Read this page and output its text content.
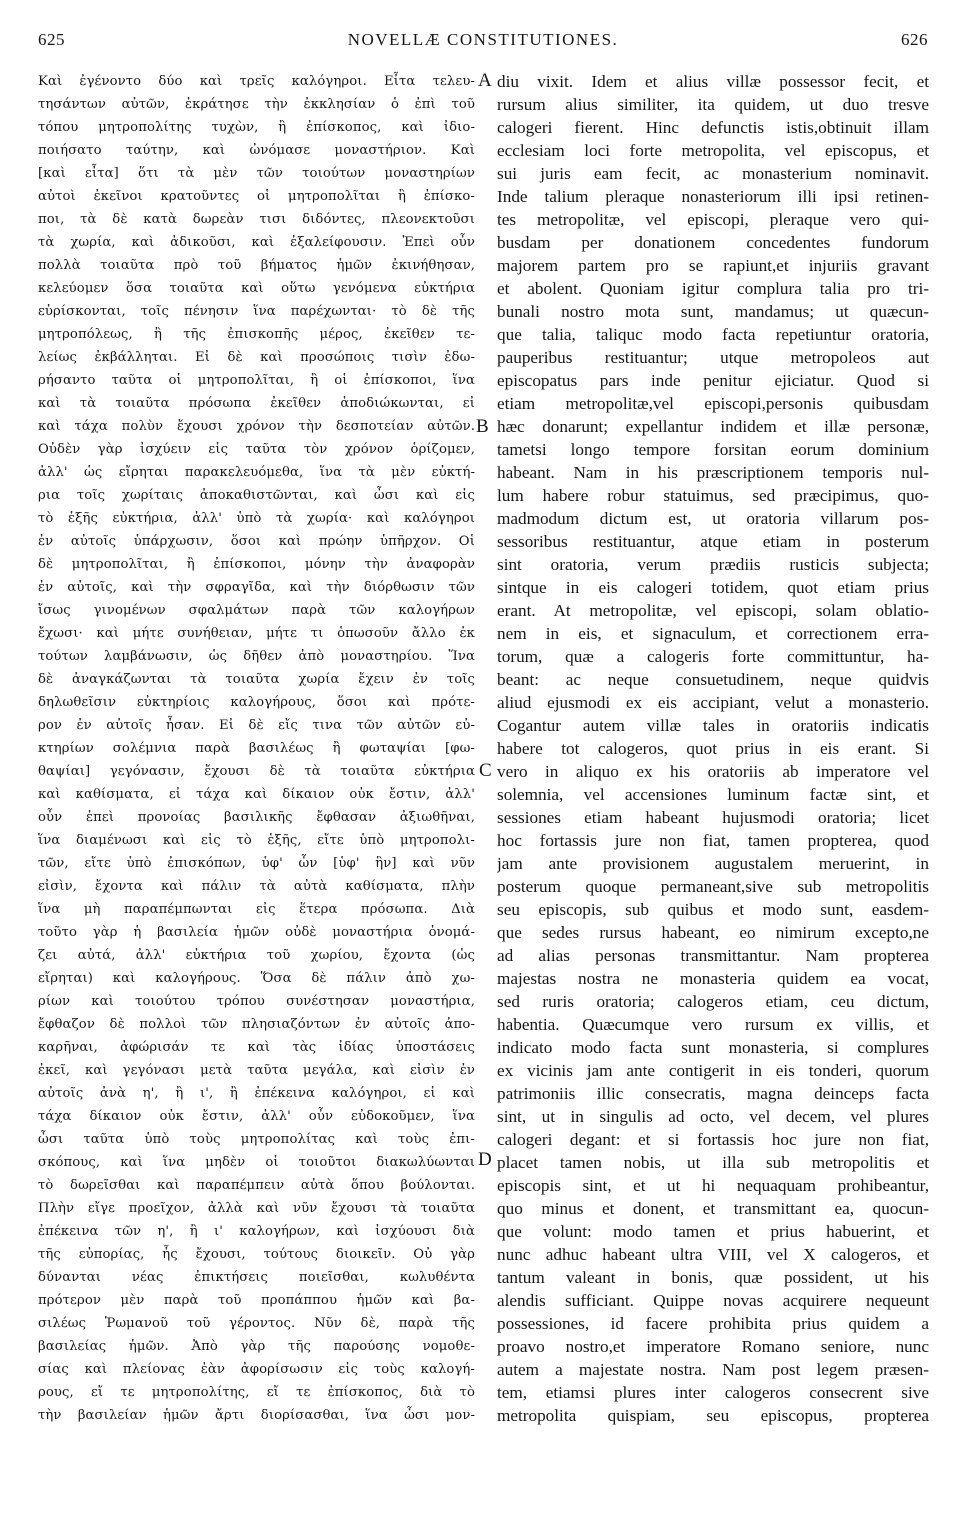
625	NOVELLÆ CONSTITUTIONES.	626
Καὶ ἐγένοντο δύο καὶ τρεῖς καλόγηροι. Εἶτα τελευ-
τησάντων αὐτῶν, ἐκράτησε τὴν ἐκκλησίαν ὁ ἐπὶ τοῦ
τόπου μητροπολίτης τυχὼν, ἢ ἐπίσκοπος, καὶ ἰδιο-
ποιήσατο ταύτην, καὶ ὠνόμασε μοναστήριον. Καὶ
[καὶ εἶτα] ὅτι τὰ μὲν τῶν τοιούτων μοναστηρίων
αὐτοὶ ἐκεῖνοι κρατοῦντες οἱ μητροπολῖται ἢ ἐπίσκο-
ποι, τὰ δὲ κατὰ δωρεὰν τισι διδόντες, πλεονεκτοῦσι
τὰ χωρία, καὶ ἀδικοῦσι, καὶ ἐξαλείφουσιν. Ἐπεὶ οὖν
πολλὰ τοιαῦτα πρὸ τοῦ βήματος ἡμῶν ἐκινήθησαν,
κελεύομεν ὅσα τοιαῦτα καὶ οὕτω γενόμενα εὐκτήρια
εὑρίσκονται, τοῖς πένησιν ἵνα παρέχωνται· τὸ δὲ τῆς
μητροπόλεως, ἢ τῆς ἐπισκοπῆς μέρος, ἐκεῖθεν τε-
λείως ἐκβάλληται. Εἰ δὲ καὶ προσώποις τισὶν ἐδω-
ρήσαντο ταῦτα οἱ μητροπολῖται, ἢ οἱ ἐπίσκοποι, ἵνα
καὶ τὰ τοιαῦτα πρόσωπα ἐκεῖθεν ἀποδιώκωνται, εἰ
καὶ τάχα πολὺν ἔχουσι χρόνον τὴν δεσποτείαν αὐτῶν.
Οὐδὲν γὰρ ἰσχύειν εἰς ταῦτα τὸν χρόνον ὁρίζομεν,
ἀλλ' ὡς εἴρηται παρακελευόμεθα, ἵνα τὰ μὲν εὐκτή-
ρια τοῖς χωρίταις ἀποκαθιστῶνται, καὶ ὦσι καὶ εἰς
τὸ ἑξῆς εὐκτήρια, ἀλλ' ὑπὸ τὰ χωρία· καὶ καλόγηροι
ἐν αὐτοῖς ὑπάρχωσιν, ὅσοι καὶ πρώην ὑπῆρχον. Οἱ
δὲ μητροπολῖται, ἢ ἐπίσκοποι, μόνην τὴν ἀναφορὰν
ἐν αὐτοῖς, καὶ τὴν σφραγῖδα, καὶ τὴν διόρθωσιν τῶν
ἴσως γινομένων σφαλμάτων παρὰ τῶν καλογήρων
ἔχωσι· καὶ μήτε συνήθειαν, μήτε τι ὁπωσοῦν ἄλλο ἐκ
τούτων λαμβάνωσιν, ὡς δῆθεν ἀπὸ μοναστηρίου. Ἵνα
δὲ ἀναγκάζωνται τὰ τοιαῦτα χωρία ἔχειν ἐν τοῖς
δηλωθεῖσιν εὐκτηρίοις καλογήρους, ὅσοι καὶ πρότε-
ρον ἐν αὐτοῖς ἦσαν. Εἰ δὲ εἴς τινα τῶν αὐτῶν εὐ-
κτηρίων σολέμνια παρὰ βασιλέως ἢ φωταψίαι [φω-
θαψίαι] γεγόνασιν, ἔχουσι δὲ τὰ τοιαῦτα εὐκτήρια
καὶ καθίσματα, εἰ τάχα καὶ δίκαιον οὐκ ἔστιν, ἀλλ'
οὖν ἐπεὶ προνοίας βασιλικῆς ἔφθασαν ἀξιωθῆναι,
ἵνα διαμένωσι καὶ εἰς τὸ ἑξῆς, εἴτε ὑπὸ μητροπολι-
τῶν, εἴτε ὑπὸ ἐπισκόπων, ὑφ' ὧν [ὑφ' ἣν] καὶ νῦν
εἰσὶν, ἔχοντα καὶ πάλιν τὰ αὐτὰ καθίσματα, πλὴν
ἵνα μὴ παραπέμπωνται εἰς ἕτερα πρόσωπα. Διὰ
τοῦτο γὰρ ἡ βασιλεία ἡμῶν οὐδὲ μοναστήρια ὀνομά-
ζει αὐτά, ἀλλ' εὐκτήρια τοῦ χωρίου, ἔχοντα (ὡς
εἴρηται) καὶ καλογήρους. Ὅσα δὲ πάλιν ἀπὸ χω-
ρίων καὶ τοιούτου τρόπου συνέστησαν μοναστήρια,
ἔφθαζον δὲ πολλοὶ τῶν πλησιαζόντων ἐν αὐτοῖς ἀπο-
καρῆναι, ἀφώρισάν τε καὶ τὰς ἰδίας ὑποστάσεις
ἐκεῖ, καὶ γεγόνασι μετὰ ταῦτα μεγάλα, καὶ εἰσὶν ἐν
αὐτοῖς ἀνὰ η', ἢ ι', ἢ ἐπέκεινα καλόγηροι, εἰ καὶ
τάχα δίκαιον οὐκ ἔστιν, ἀλλ' οὖν εὐδοκοῦμεν, ἵνα
ὦσι ταῦτα ὑπὸ τοὺς μητροπολίτας καὶ τοὺς ἐπι-
σκόπους, καὶ ἵνα μηδὲν οἱ τοιοῦτοι διακωλύωνται
τὸ δωρεῖσθαι καὶ παραπέμπειν αὐτὰ ὅπου βούλονται.
Πλὴν εἴγε προεῖχον, ἀλλὰ καὶ νῦν ἔχουσι τὰ τοιαῦτα
ἐπέκεινα τῶν η', ἢ ι' καλογήρων, καὶ ἰσχύουσι διὰ
τῆς εὐπορίας, ἧς ἔχουσι, τούτους διοικεῖν. Οὐ γὰρ
δύνανται νέας ἐπικτήσεις ποιεῖσθαι, κωλυθέντα
πρότερον μὲν παρὰ τοῦ προπάππου ἡμῶν καὶ βα-
σιλέως Ῥωμανοῦ τοῦ γέροντος. Νῦν δὲ, παρὰ τῆς
βασιλείας ἡμῶν. Ἀπὸ γὰρ τῆς παρούσης νομοθε-
σίας καὶ πλείονας ἐὰν ἀφορίσωσιν εἰς τοὺς καλογή-
ρους, εἴ τε μητροπολίτης, εἴ τε ἐπίσκοπος, διὰ τὸ
τὴν βασιλείαν ἡμῶν ἄρτι διορίσασθαι, ἵνα ὦσι μον-
A
B
C
D
diu vixit. Idem et alius villæ possessor fecit, et
rursum alius similiter, ita quidem, ut duo tresve
calogeri fierent. Hinc defunctis istis,obtinuit illam
ecclesiam loci forte metropolita, vel episcopus, et
sui juris eam fecit, ac monasterium nominavit.
Inde talium pleraque nonasteriorum illi ipsi retinen-
tes metropolitæ, vel episcopi, pleraque vero qui-
busdam per donationem concedentes fundorum
majorem partem pro se rapiunt,et injuriis gravant
et abolent. Quoniam igitur complura talia pro tri-
bunali nostro mota sunt, mandamus; ut quæcun-
que talia, taliquc modo facta repetiuntur oratoria,
pauperibus restituantur; utque metropoleos aut
episcopatus pars inde penitur ejiciatur. Quod si
etiam metropolitæ,vel episcopi,personis quibusdam
hæc donarunt; expellantur indidem et illæ personæ,
tametsi longo tempore forsitan eorum dominium
habeant. Nam in his præscriptionem temporis nul-
lum habere robur statuimus, sed præcipimus, quo-
madmodum dictum est, ut oratoria villarum pos-
sessoribus restituantur, atque etiam in posterum
sint oratoria, verum prædiis rusticis subjecta;
sintque in eis calogeri totidem, quot etiam prius
erant. At metropolitæ, vel episcopi, solam oblatio-
nem in eis, et signaculum, et correctionem erra-
torum, quæ a calogeris forte committuntur, ha-
beant: ac neque consuetudinem, neque quidvis
aliud ejusmodi ex eis accipiant, velut a monasterio.
Cogantur autem villæ tales in oratoriis indicatis
habere tot calogeros, quot prius in eis erant. Si
vero in aliquo ex his oratoriis ab imperatore vel
solemnia, vel accensiones luminum factæ sint, et
sessiones etiam habeant hujusmodi oratoria; licet
hoc fortassis jure non fiat, tamen propterea, quod
jam ante provisionem augustalem meruerint, in
posterum quoque permaneant,sive sub metropolitis
seu episcopis, sub quibus et modo sunt, easdem-
que sedes rursus habeant, eo nimirum excepto,ne
ad alias personas transmittantur. Nam propterea
majestas nostra ne monasteria quidem ea vocat,
sed ruris oratoria; calogeros etiam, ceu dictum,
habentia. Quæcumque vero rursum ex villis, et
indicato modo facta sunt monasteria, si complures
ex vicinis jam ante contigerit in eis tonderi, quorum
patrimoniis illic consecratis, magna deinceps facta
sint, ut in singulis ad octo, vel decem, vel plures
calogeri degant: et si fortassis hoc jure non fiat,
placet tamen nobis, ut illa sub metropolitis et
episcopis sint, et ut hi nequaquam prohibeantur,
quo minus et donent, et transmittant ea, quocun-
que volunt: modo tamen et prius habuerint, et
nunc adhuc habeant ultra VIII, vel X calogeros, et
tantum valeant in bonis, quæ possident, ut his
alendis sufficiant. Quippe novas acquirere nequeunt
possessiones, id facere prohibita prius quidem a
proavo nostro,et imperatore Romano seniore, nunc
autem a majestate nostra. Nam post legem præsen-
tem, etiamsi plures inter calogeros consecrent sive
metropolita quispiam, seu episcopus, propterea
